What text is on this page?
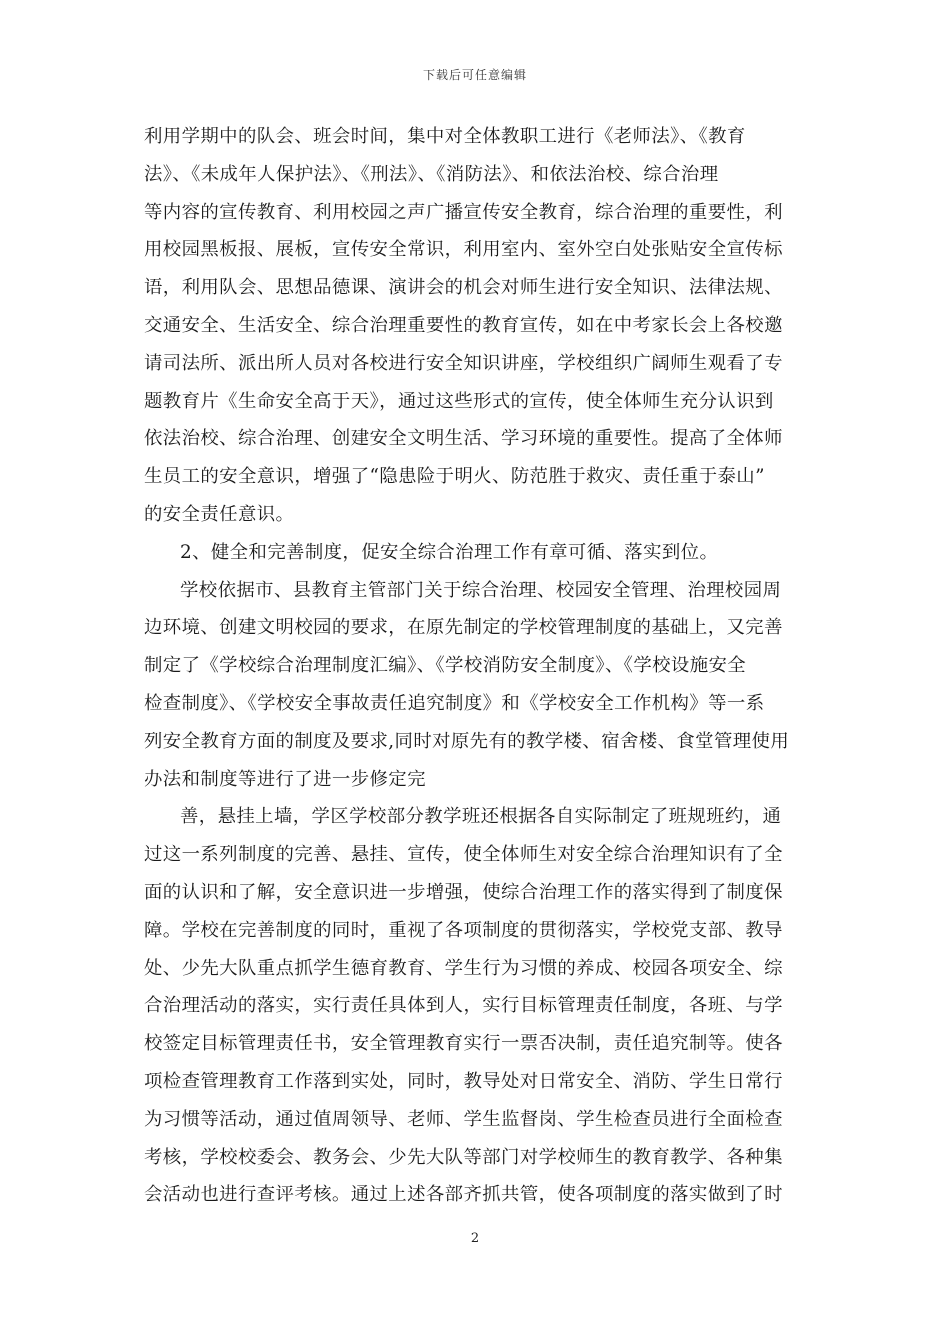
下载后可任意编辑
利用学期中的队会、班会时间，集中对全体教职工进行《老师法》、《教育
法》、《未成年人保护法》、《刑法》、《消防法》、和依法治校、综合治理
等内容的宣传教育、利用校园之声广播宣传安全教育，综合治理的重要性，利
用校园黑板报、展板，宣传安全常识，利用室内、室外空白处张贴安全宣传标
语，利用队会、思想品德课、演讲会的机会对师生进行安全知识、法律法规、
交通安全、生活安全、综合治理重要性的教育宣传，如在中考家长会上各校邀
请司法所、派出所人员对各校进行安全知识讲座，学校组织广阔师生观看了专
题教育片《生命安全高于天》，通过这些形式的宣传，使全体师生充分认识到
依法治校、综合治理、创建安全文明生活、学习环境的重要性。提高了全体师
生员工的安全意识，增强了“隐患险于明火、防范胜于救灾、责任重于泰山”
的安全责任意识。
2、健全和完善制度，促安全综合治理工作有章可循、落实到位。
学校依据市、县教育主管部门关于综合治理、校园安全管理、治理校园周
边环境、创建文明校园的要求，在原先制定的学校管理制度的基础上，又完善
制定了《学校综合治理制度汇编》、《学校消防安全制度》、《学校设施安全
检查制度》、《学校安全事故责任追究制度》和《学校安全工作机构》等一系
列安全教育方面的制度及要求,同时对原先有的教学楼、宿舍楼、食堂管理使用
办法和制度等进行了进一步修定完
善，悬挂上墙，学区学校部分教学班还根据各自实际制定了班规班约，通
过这一系列制度的完善、悬挂、宣传，使全体师生对安全综合治理知识有了全
面的认识和了解，安全意识进一步增强，使综合治理工作的落实得到了制度保
障。学校在完善制度的同时，重视了各项制度的贯彻落实，学校党支部、教导
处、少先大队重点抓学生德育教育、学生行为习惯的养成、校园各项安全、综
合治理活动的落实，实行责任具体到人，实行目标管理责任制度，各班、与学
校签定目标管理责任书，安全管理教育实行一票否决制，责任追究制等。使各
项检查管理教育工作落到实处，同时，教导处对日常安全、消防、学生日常行
为习惯等活动，通过值周领导、老师、学生监督岗、学生检查员进行全面检查
考核，学校校委会、教务会、少先大队等部门对学校师生的教育教学、各种集
会活动也进行查评考核。通过上述各部齐抓共管，使各项制度的落实做到了时
2
